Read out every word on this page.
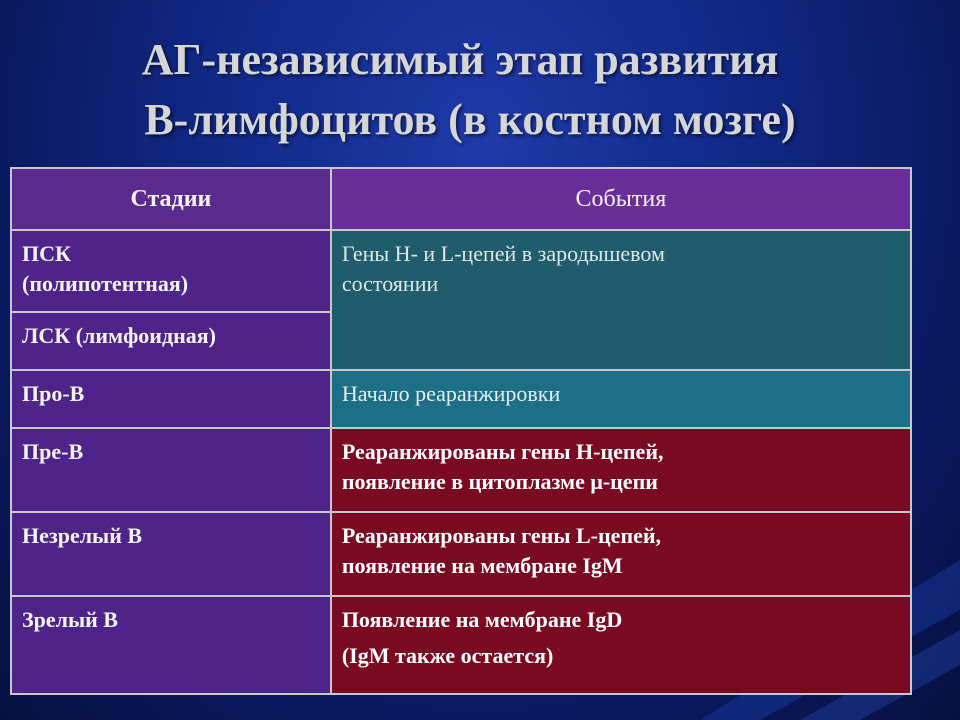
АГ-независимый этап развития
В-лимфоцитов (в костном мозге)
Стадии	События

ПСК
(полипотентная)	Гены Н- и L-цепей в зародышевом
состоянии

ЛСК (лимфоидная)	

Про-В	Начало реаранжировки

Пре-В	Реаранжированы гены Н-цепей,
появление в цитоплазме μ-цепи

Незрелый В	Реаранжированы гены L-цепей,
появление на мембране IgM

Зрелый В	Появление на мембране IgD
(IgM также остается)
